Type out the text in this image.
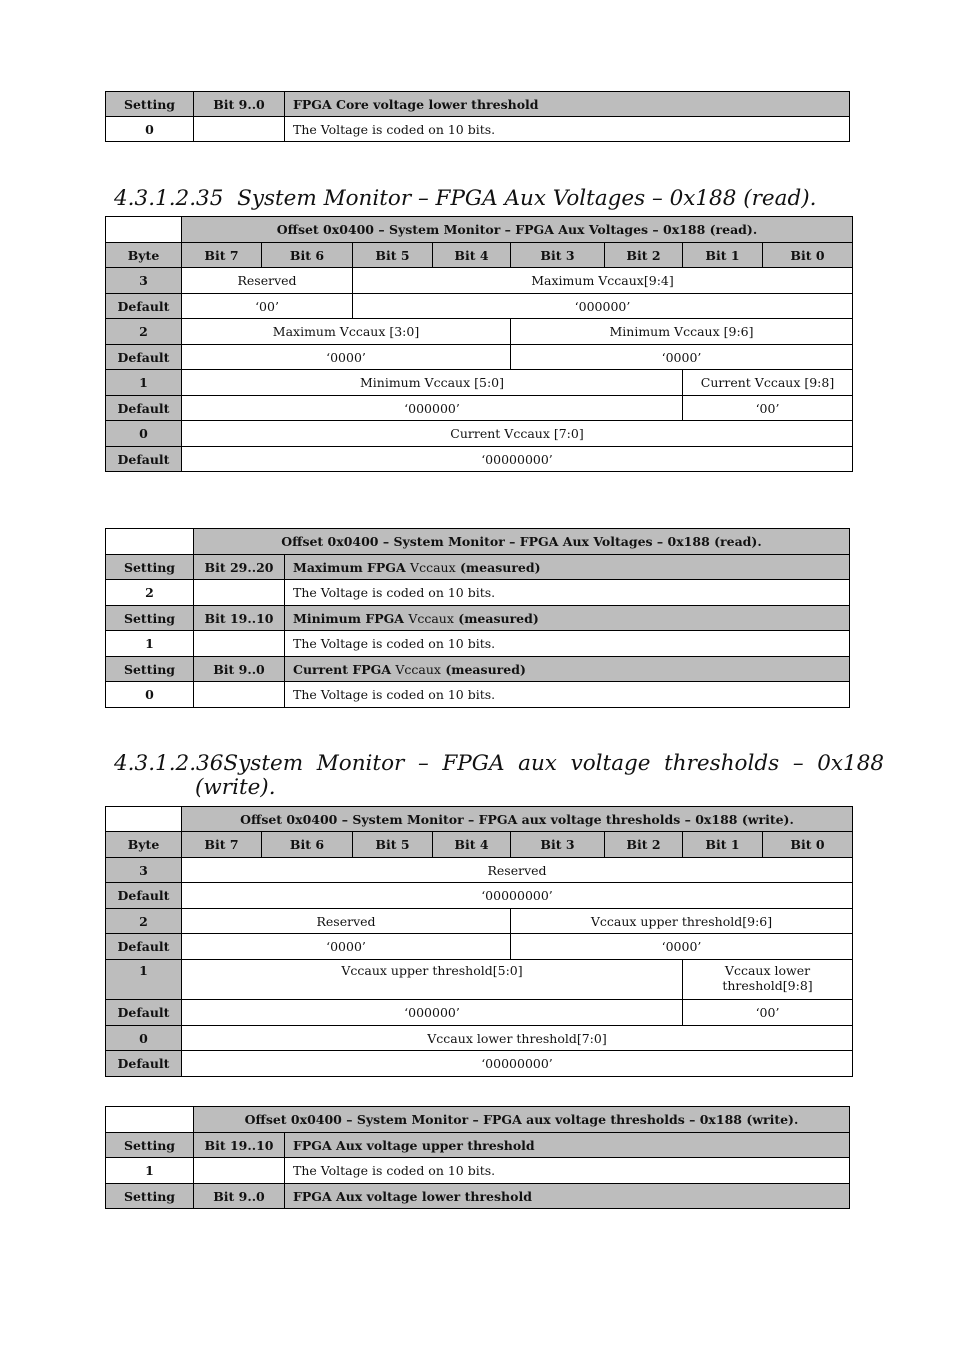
Setting	Bit 9..0	FPGA Core voltage lower threshold
0		The Voltage is coded on 10 bits.
4.3.1.2.35 System Monitor – FPGA Aux Voltages – 0x188 (read).
	Offset 0x0400 – System Monitor – FPGA Aux Voltages – 0x188 (read).							
Byte	Bit 7	Bit 6	Bit 5	Bit 4	Bit 3	Bit 2	Bit 1	Bit 0
3	Reserved		Maximum Vccaux[9:4]					
Default	‘00’		‘000000’					
2	Maximum Vccaux [3:0]				Minimum Vccaux [9:6]			
Default	‘0000’				‘0000’			
1	Minimum Vccaux [5:0]						Current Vccaux [9:8]	
Default	‘000000’						‘00’	
0	Current Vccaux [7:0]							
Default	‘00000000’							
	Offset 0x0400 – System Monitor – FPGA Aux Voltages – 0x188 (read).	
Setting	Bit 29..20	Maximum FPGA Vccaux (measured)
2		The Voltage is coded on 10 bits.
Setting	Bit 19..10	Minimum FPGA Vccaux (measured)
1		The Voltage is coded on 10 bits.
Setting	Bit 9..0	Current FPGA Vccaux (measured)
0		The Voltage is coded on 10 bits.
4.3.1.2.36 System  Monitor  –  FPGA  aux  voltage  thresholds  –  0x188
(write).
	Offset 0x0400 – System Monitor – FPGA aux voltage thresholds – 0x188 (write).							
Byte	Bit 7	Bit 6	Bit 5	Bit 4	Bit 3	Bit 2	Bit 1	Bit 0
3	Reserved							
Default	‘00000000’							
2	Reserved				Vccaux upper threshold[9:6]			
Default	‘0000’				‘0000’			
1	Vccaux upper threshold[5:0]						Vccaux lower threshold[9:8]	
Default	‘000000’						‘00’	
0	Vccaux lower threshold[7:0]							
Default	‘00000000’							
	Offset 0x0400 – System Monitor – FPGA aux voltage thresholds – 0x188 (write).	
Setting	Bit 19..10	FPGA Aux voltage upper threshold
1		The Voltage is coded on 10 bits.
Setting	Bit 9..0	FPGA Aux voltage lower threshold
